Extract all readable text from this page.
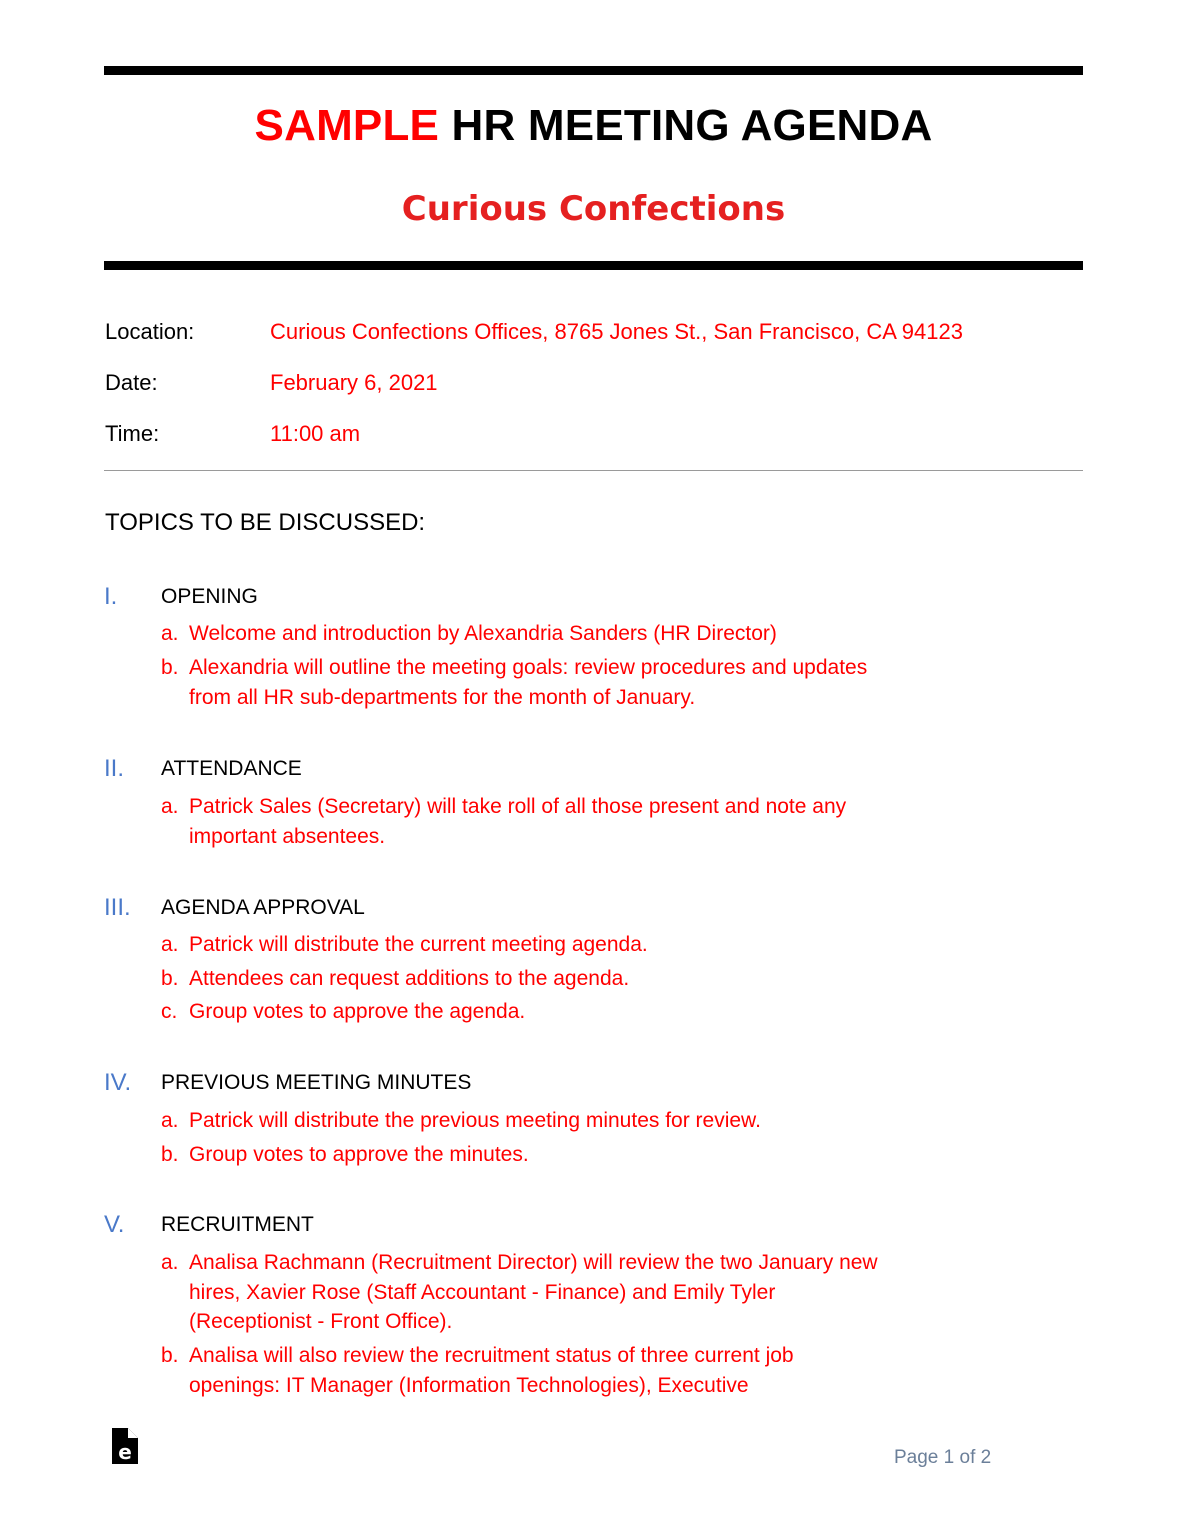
SAMPLE HR MEETING AGENDA
Curious Confections
Location:	Curious Confections Offices, 8765 Jones St., San Francisco, CA 94123
Date:	February 6, 2021
Time:	11:00 am
TOPICS TO BE DISCUSSED:
I. OPENING
a. Welcome and introduction by Alexandria Sanders (HR Director)
b. Alexandria will outline the meeting goals: review procedures and updates from all HR sub-departments for the month of January.
II. ATTENDANCE
a. Patrick Sales (Secretary) will take roll of all those present and note any important absentees.
III. AGENDA APPROVAL
a. Patrick will distribute the current meeting agenda.
b. Attendees can request additions to the agenda.
c. Group votes to approve the agenda.
IV. PREVIOUS MEETING MINUTES
a. Patrick will distribute the previous meeting minutes for review.
b. Group votes to approve the minutes.
V. RECRUITMENT
a. Analisa Rachmann (Recruitment Director) will review the two January new hires, Xavier Rose (Staff Accountant - Finance) and Emily Tyler (Receptionist - Front Office).
b. Analisa will also review the recruitment status of three current job openings: IT Manager (Information Technologies), Executive
e	Page 1 of 2
